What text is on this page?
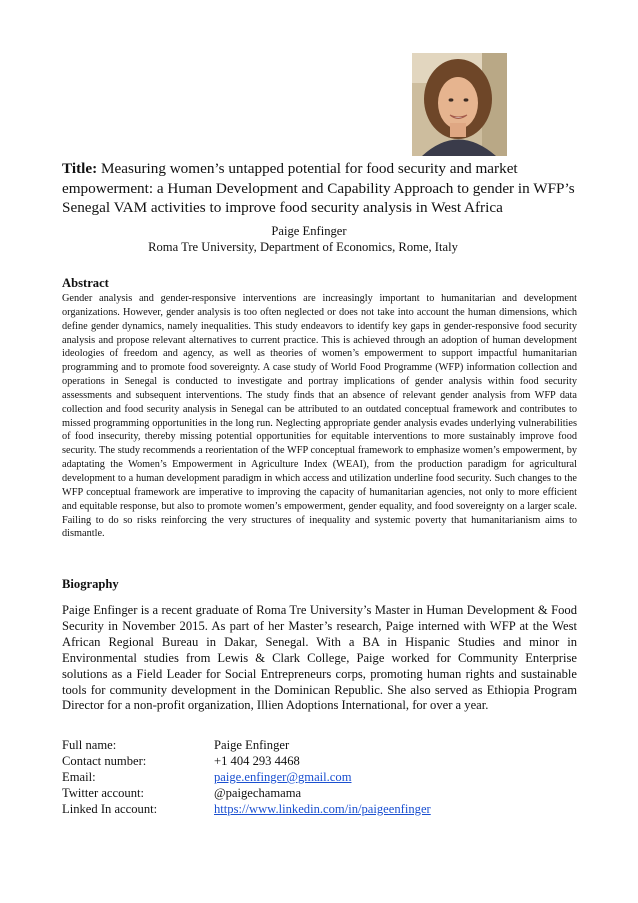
Title: Measuring women’s untapped potential for food security and market empowerment: a Human Development and Capability Approach to gender in WFP’s Senegal VAM activities to improve food security analysis in West Africa

Paige Enfinger

Roma Tre University, Department of Economics, Rome, Italy

Abstract

Gender analysis and gender-responsive interventions are increasingly important to humanitarian and development organizations. However, gender analysis is too often neglected or does not take into account the human dimensions, which define gender dynamics, namely inequalities. This study endeavors to identify key gaps in gender-responsive food security analysis and propose relevant alternatives to current practice. This is achieved through an adoption of human development ideologies of freedom and agency, as well as theories of women’s empowerment to support impactful humanitarian programming and to promote food sovereignty. A case study of World Food Programme (WFP) information collection and operations in Senegal is conducted to investigate and portray implications of gender analysis within food security assessments and subsequent interventions. The study finds that an absence of relevant gender analysis from WFP data collection and food security analysis in Senegal can be attributed to an outdated conceptual framework and contributes to missed programming opportunities in the long run. Neglecting appropriate gender analysis evades underlying vulnerabilities of food insecurity, thereby missing potential opportunities for equitable interventions to more sustainably improve food security. The study recommends a reorientation of the WFP conceptual framework to emphasize women’s empowerment, by adaptating the Women’s Empowerment in Agriculture Index (WEAI), from the production paradigm for agricultural development to a human development paradigm in which access and utilization underline food security. Such changes to the WFP conceptual framework are imperative to improving the capacity of humanitarian agencies, not only to more efficient and equitable response, but also to promote women’s empowerment, gender equality, and food sovereignty on a larger scale. Failing to do so risks reinforcing the very structures of inequality and systemic poverty that humanitarianism aims to dismantle.

Biography

Paige Enfinger is a recent graduate of Roma Tre University’s Master in Human Development & Food Security in November 2015. As part of her Master’s research, Paige interned with WFP at the West African Regional Bureau in Dakar, Senegal. With a BA in Hispanic Studies and minor in Environmental studies from Lewis & Clark College, Paige worked for Community Enterprise solutions as a Field Leader for Social Entrepreneurs corps, promoting human rights and sustainable tools for community development in the Dominican Republic. She also served as Ethiopia Program Director for a non-profit organization, Illien Adoptions International, for over a year.

Full name:	Paige Enfinger
Contact number:	+1 404 293 4468
Email:	paige.enfinger@gmail.com
Twitter account:	@paigechamama
Linked In account:	https://www.linkedin.com/in/paigeenfinger
